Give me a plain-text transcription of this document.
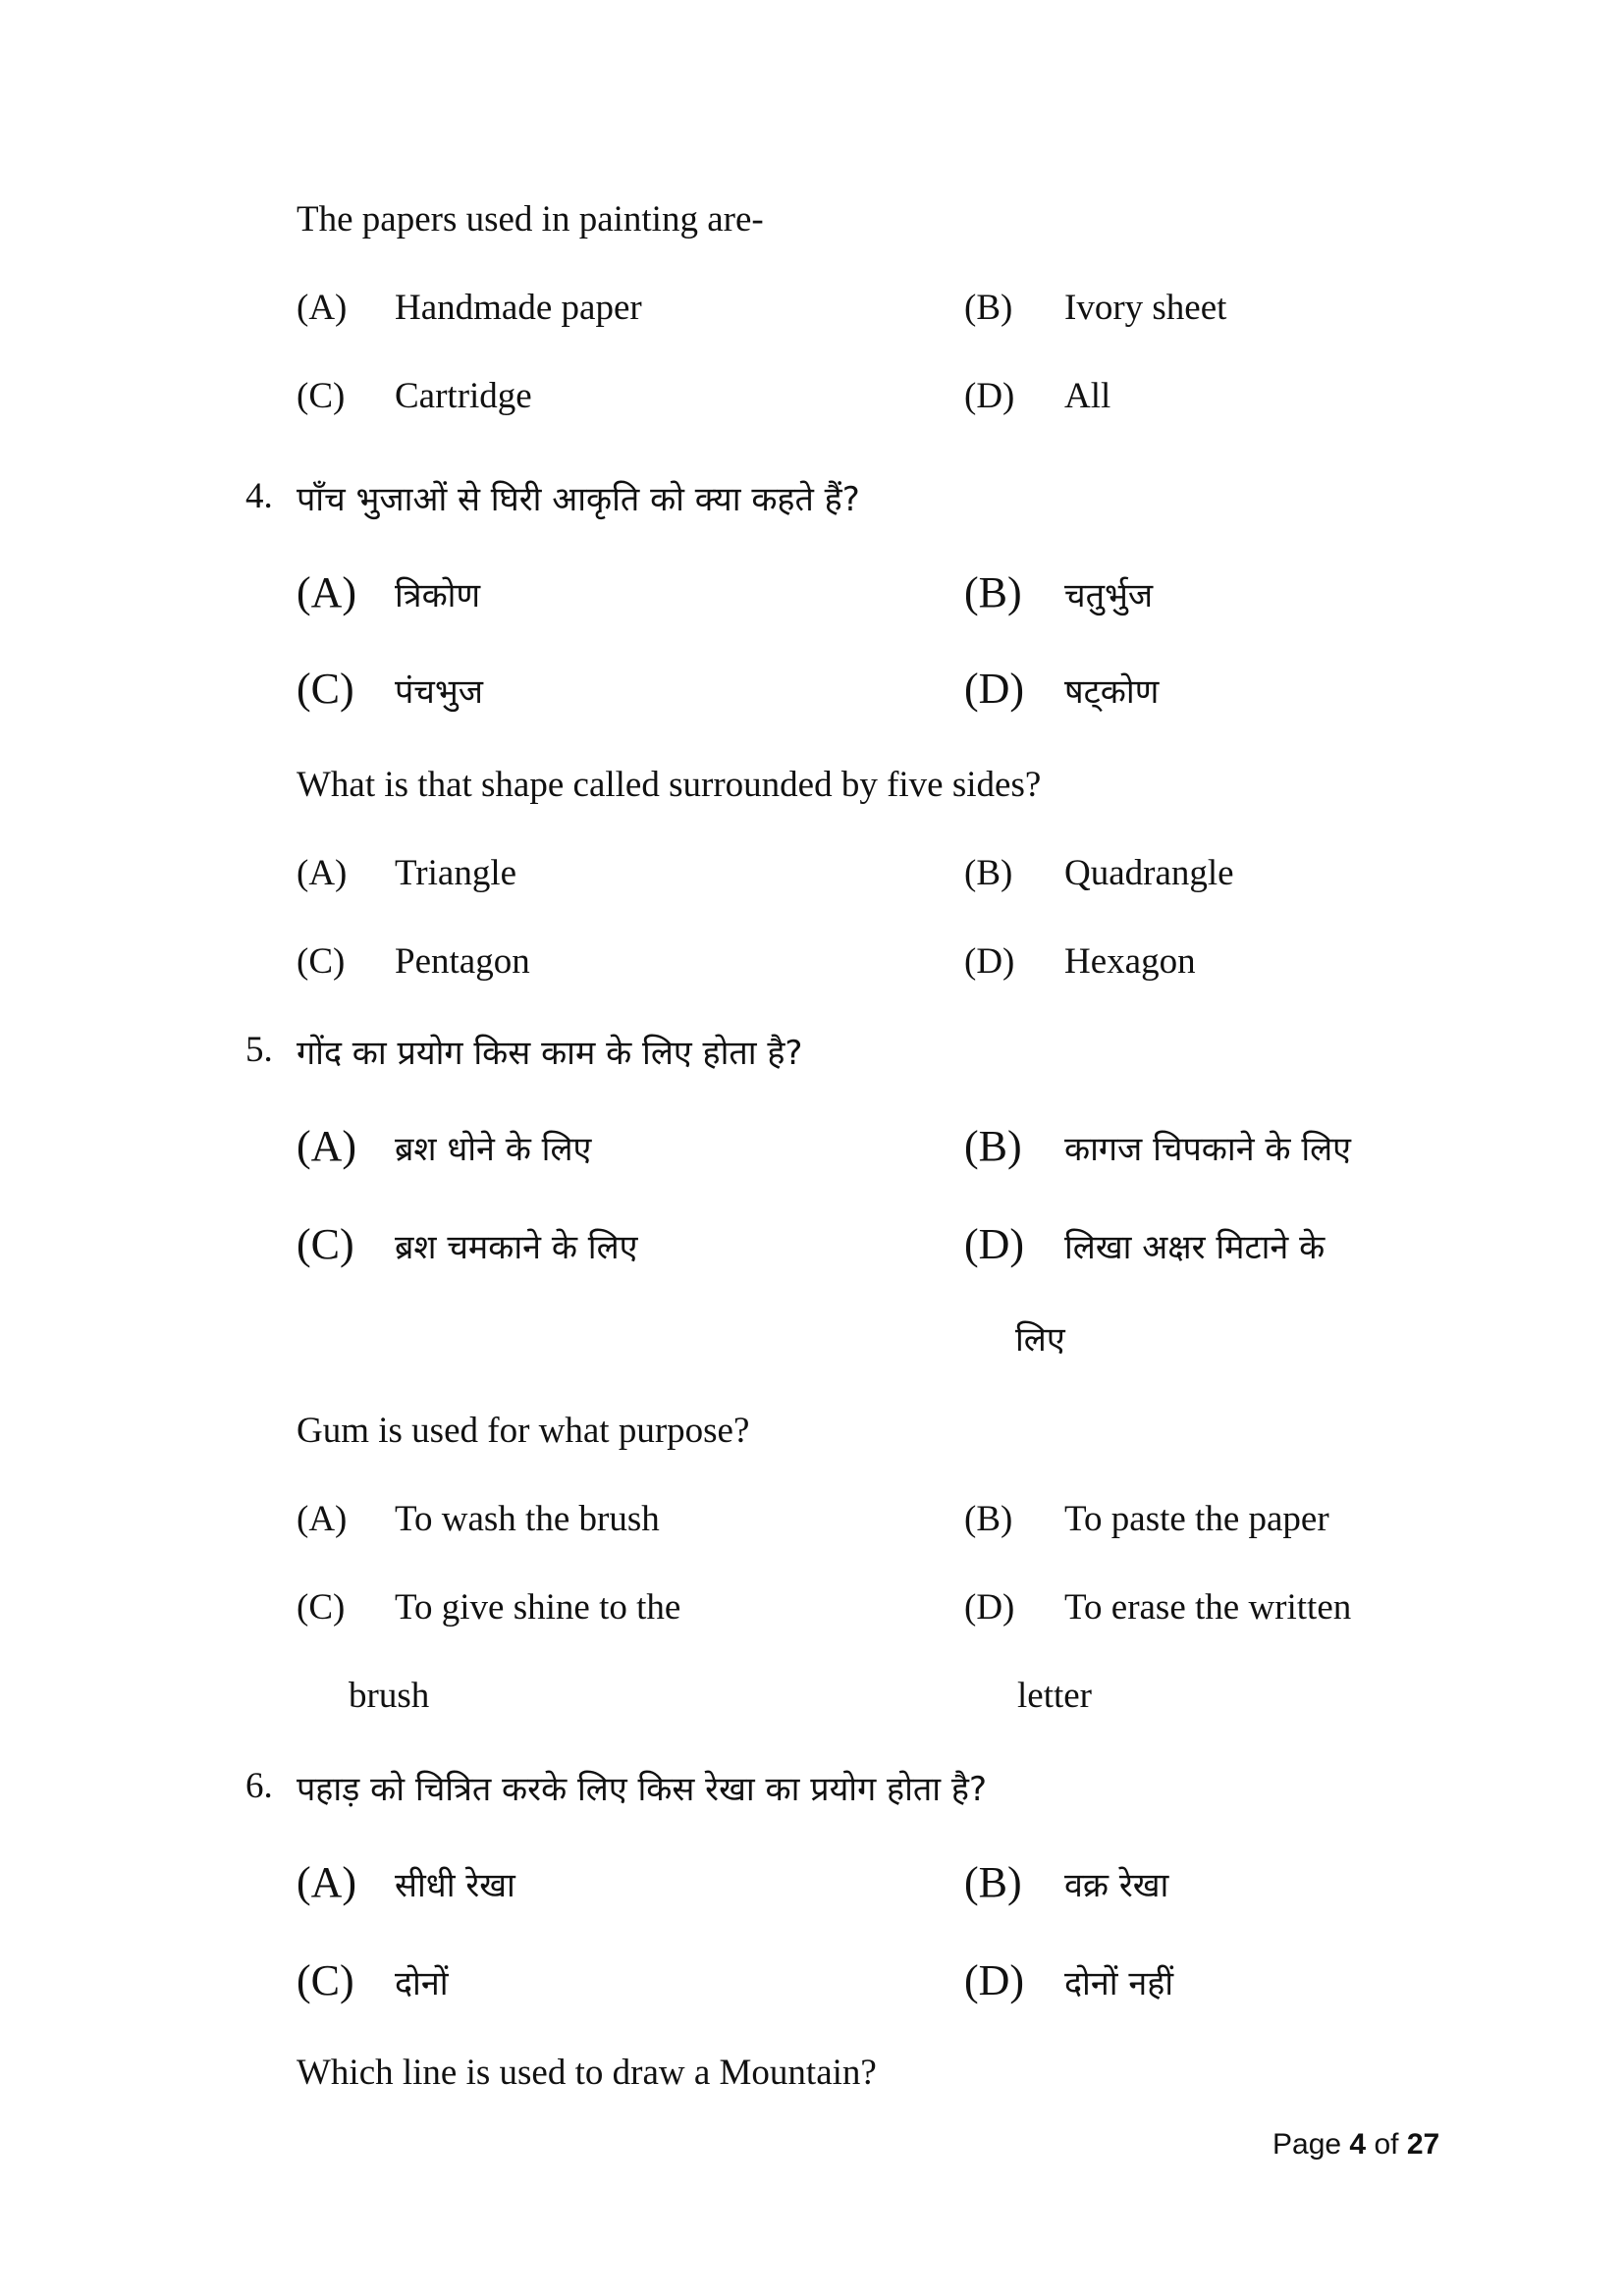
The papers used in painting are-
(A) Handmade paper	(B) Ivory sheet
(C) Cartridge	(D) All
4. पाँच भुजाओं से घिरी आकृति को क्या कहते हैं?
(A) त्रिकोण	(B) चतुर्भुज
(C) पंचभुज	(D) षट्कोण
What is that shape called surrounded by five sides?
(A) Triangle	(B) Quadrangle
(C) Pentagon	(D) Hexagon
5. गोंद का प्रयोग किस काम के लिए होता है?
(A) ब्रश धोने के लिए	(B) कागज चिपकाने के लिए
(C) ब्रश चमकाने के लिए	(D) लिखा अक्षर मिटाने के
लिए
Gum is used for what purpose?
(A) To wash the brush	(B) To paste the paper
(C) To give shine to the	(D) To erase the written
brush	letter
6. पहाड़ को चित्रित करके लिए किस रेखा का प्रयोग होता है?
(A) सीधी रेखा	(B) वक्र रेखा
(C) दोनों	(D) दोनों नहीं
Which line is used to draw a Mountain?
Page 4 of 27
